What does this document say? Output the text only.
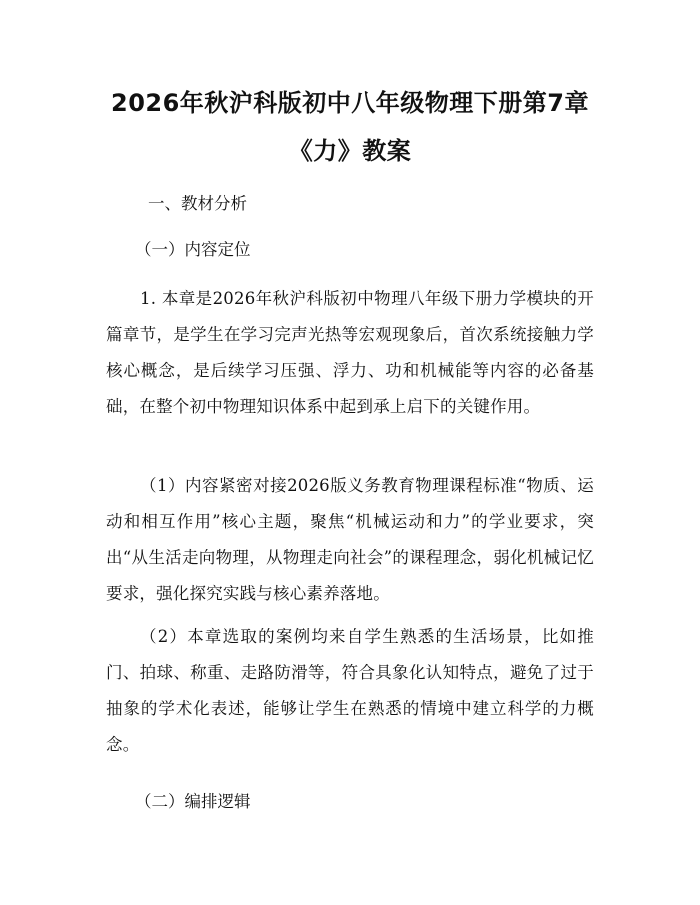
2026年秋沪科版初中八年级物理下册第7章
《力》教案

一、教材分析

（一）内容定位

1. 本章是2026年秋沪科版初中物理八年级下册力学模块的开篇章节，是学生在学习完声光热等宏观现象后，首次系统接触力学核心概念，是后续学习压强、浮力、功和机械能等内容的必备基础，在整个初中物理知识体系中起到承上启下的关键作用。

（1）内容紧密对接2026版义务教育物理课程标准“物质、运动和相互作用”核心主题，聚焦“机械运动和力”的学业要求，突出“从生活走向物理，从物理走向社会”的课程理念，弱化机械记忆要求，强化探究实践与核心素养落地。

（2）本章选取的案例均来自学生熟悉的生活场景，比如推门、拍球、称重、走路防滑等，符合具象化认知特点，避免了过于抽象的学术化表述，能够让学生在熟悉的情境中建立科学的力概念。

（二）编排逻辑
